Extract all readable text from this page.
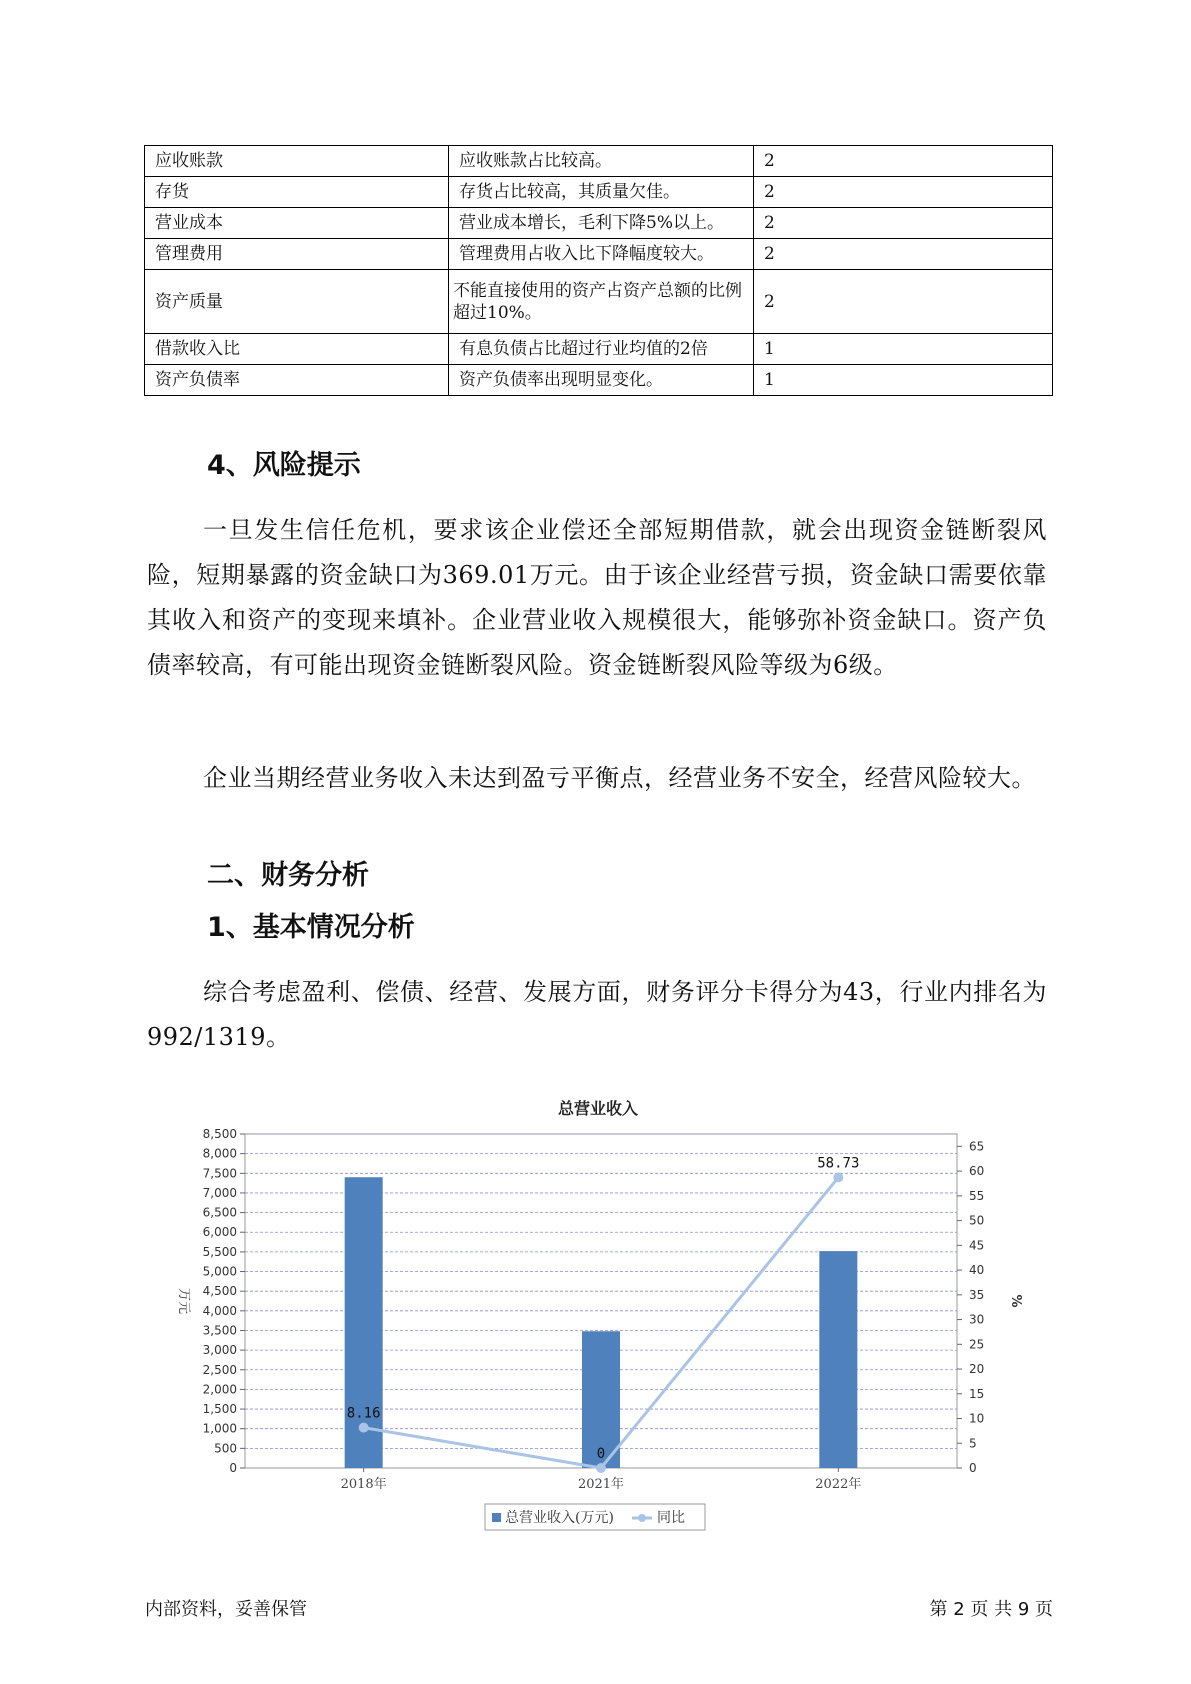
应收账款	应收账款占比较高。	2
存货	存货占比较高，其质量欠佳。	2
营业成本	营业成本增长，毛利下降5%以上。	2
管理费用	管理费用占收入比下降幅度较大。	2
资产质量	不能直接使用的资产占资产总额的比例超过10%。	2
借款收入比	有息负债占比超过行业均值的2倍	1
资产负债率	资产负债率出现明显变化。	1
4、风险提示
一旦发生信任危机，要求该企业偿还全部短期借款，就会出现资金链断裂风险，短期暴露的资金缺口为369.01万元。由于该企业经营亏损，资金缺口需要依靠其收入和资产的变现来填补。企业营业收入规模很大，能够弥补资金缺口。资产负债率较高，有可能出现资金链断裂风险。资金链断裂风险等级为6级。
企业当期经营业务收入未达到盈亏平衡点，经营业务不安全，经营风险较大。
二、财务分析
1、基本情况分析
综合考虑盈利、偿债、经营、发展方面，财务评分卡得分为43，行业内排名为992/1319。
总营业收入
0
500
1,000
1,500
2,000
2,500
3,000
3,500
4,000
4,500
5,000
5,500
6,000
6,500
7,000
7,500
8,000
8,500
0
5
10
15
20
25
30
35
40
45
50
55
60
65
万元	%
2018年	2021年	2022年
8.16
0
58.73
总营业收入(万元)	同比
内部资料，妥善保管	第 2 页 共 9 页
